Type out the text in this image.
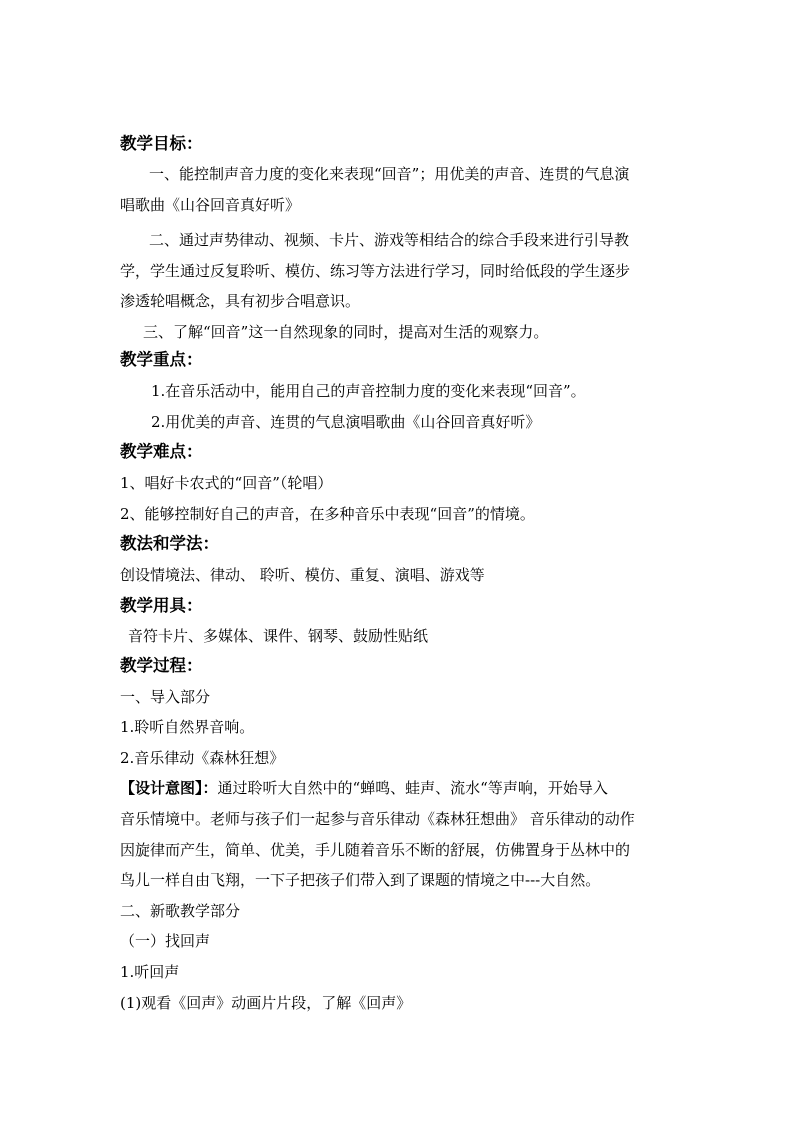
教学目标：
一、能控制声音力度的变化来表现“回音”；用优美的声音、连贯的气息演
唱歌曲《山谷回音真好听》
二、通过声势律动、视频、卡片、游戏等相结合的综合手段来进行引导教
学，学生通过反复聆听、模仿、练习等方法进行学习，同时给低段的学生逐步
渗透轮唱概念，具有初步合唱意识。
三、了解“回音”这一自然现象的同时，提高对生活的观察力。
教学重点：
1.在音乐活动中，能用自己的声音控制力度的变化来表现“回音”。
2.用优美的声音、连贯的气息演唱歌曲《山谷回音真好听》
教学难点：
1、唱好卡农式的“回音”（轮唱）
2、能够控制好自己的声音，在多种音乐中表现“回音”的情境。
教法和学法：
创设情境法、律动、 聆听、模仿、重复、演唱、游戏等
教学用具：
音符卡片、多媒体、课件、钢琴、鼓励性贴纸
教学过程：
一、导入部分
1.聆听自然界音响。
2.音乐律动《森林狂想》
【设计意图】：通过聆听大自然中的“蝉鸣、蛙声、流水“等声响，开始导入
音乐情境中。老师与孩子们一起参与音乐律动《森林狂想曲》 音乐律动的动作
因旋律而产生，简单、优美，手儿随着音乐不断的舒展，仿佛置身于丛林中的
鸟儿一样自由飞翔，一下子把孩子们带入到了课题的情境之中---大自然。
二、新歌教学部分
（一）找回声
1.听回声
(1)观看《回声》动画片片段，了解《回声》
